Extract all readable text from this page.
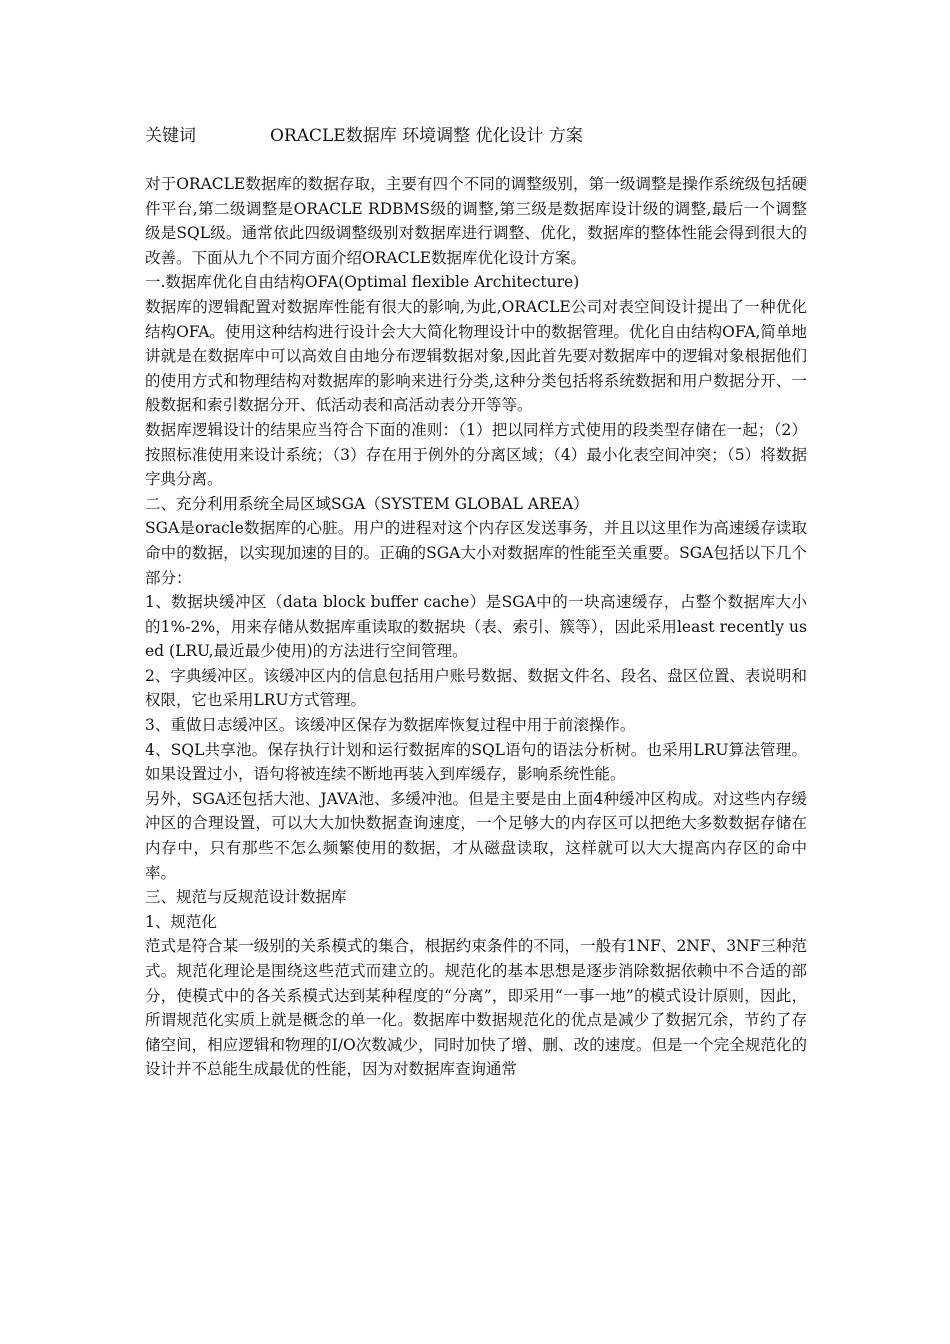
关键词	ORACLE数据库 环境调整 优化设计 方案

对于ORACLE数据库的数据存取，主要有四个不同的调整级别，第一级调整是操作系统级包括硬件平台,第二级调整是ORACLE RDBMS级的调整,第三级是数据库设计级的调整,最后一个调整级是SQL级。通常依此四级调整级别对数据库进行调整、优化，数据库的整体性能会得到很大的改善。下面从九个不同方面介绍ORACLE数据库优化设计方案。

一.数据库优化自由结构OFA(Optimal flexible Architecture)

数据库的逻辑配置对数据库性能有很大的影响,为此,ORACLE公司对表空间设计提出了一种优化结构OFA。使用这种结构进行设计会大大简化物理设计中的数据管理。优化自由结构OFA,简单地讲就是在数据库中可以高效自由地分布逻辑数据对象,因此首先要对数据库中的逻辑对象根据他们的使用方式和物理结构对数据库的影响来进行分类,这种分类包括将系统数据和用户数据分开、一般数据和索引数据分开、低活动表和高活动表分开等等。

数据库逻辑设计的结果应当符合下面的准则：（1）把以同样方式使用的段类型存储在一起；（2）按照标准使用来设计系统；（3）存在用于例外的分离区域；（4）最小化表空间冲突；（5）将数据字典分离。

二、充分利用系统全局区域SGA（SYSTEM GLOBAL AREA）

SGA是oracle数据库的心脏。用户的进程对这个内存区发送事务，并且以这里作为高速缓存读取命中的数据，以实现加速的目的。正确的SGA大小对数据库的性能至关重要。SGA包括以下几个部分：

1、数据块缓冲区（data block buffer cache）是SGA中的一块高速缓存，占整个数据库大小的1%-2%，用来存储从数据库重读取的数据块（表、索引、簇等），因此采用least recently used (LRU,最近最少使用)的方法进行空间管理。

2、字典缓冲区。该缓冲区内的信息包括用户账号数据、数据文件名、段名、盘区位置、表说明和权限，它也采用LRU方式管理。

3、重做日志缓冲区。该缓冲区保存为数据库恢复过程中用于前滚操作。

4、SQL共享池。保存执行计划和运行数据库的SQL语句的语法分析树。也采用LRU算法管理。如果设置过小，语句将被连续不断地再装入到库缓存，影响系统性能。

另外，SGA还包括大池、JAVA池、多缓冲池。但是主要是由上面4种缓冲区构成。对这些内存缓冲区的合理设置，可以大大加快数据查询速度，一个足够大的内存区可以把绝大多数数据存储在内存中，只有那些不怎么频繁使用的数据，才从磁盘读取，这样就可以大大提高内存区的命中率。

三、规范与反规范设计数据库

1、规范化

范式是符合某一级别的关系模式的集合，根据约束条件的不同，一般有1NF、2NF、3NF三种范式。规范化理论是围绕这些范式而建立的。规范化的基本思想是逐步消除数据依赖中不合适的部分，使模式中的各关系模式达到某种程度的“分离”，即采用“一事一地”的模式设计原则，因此，所谓规范化实质上就是概念的单一化。数据库中数据规范化的优点是减少了数据冗余，节约了存储空间，相应逻辑和物理的I/O次数减少，同时加快了增、删、改的速度。但是一个完全规范化的设计并不总能生成最优的性能，因为对数据库查询通常
